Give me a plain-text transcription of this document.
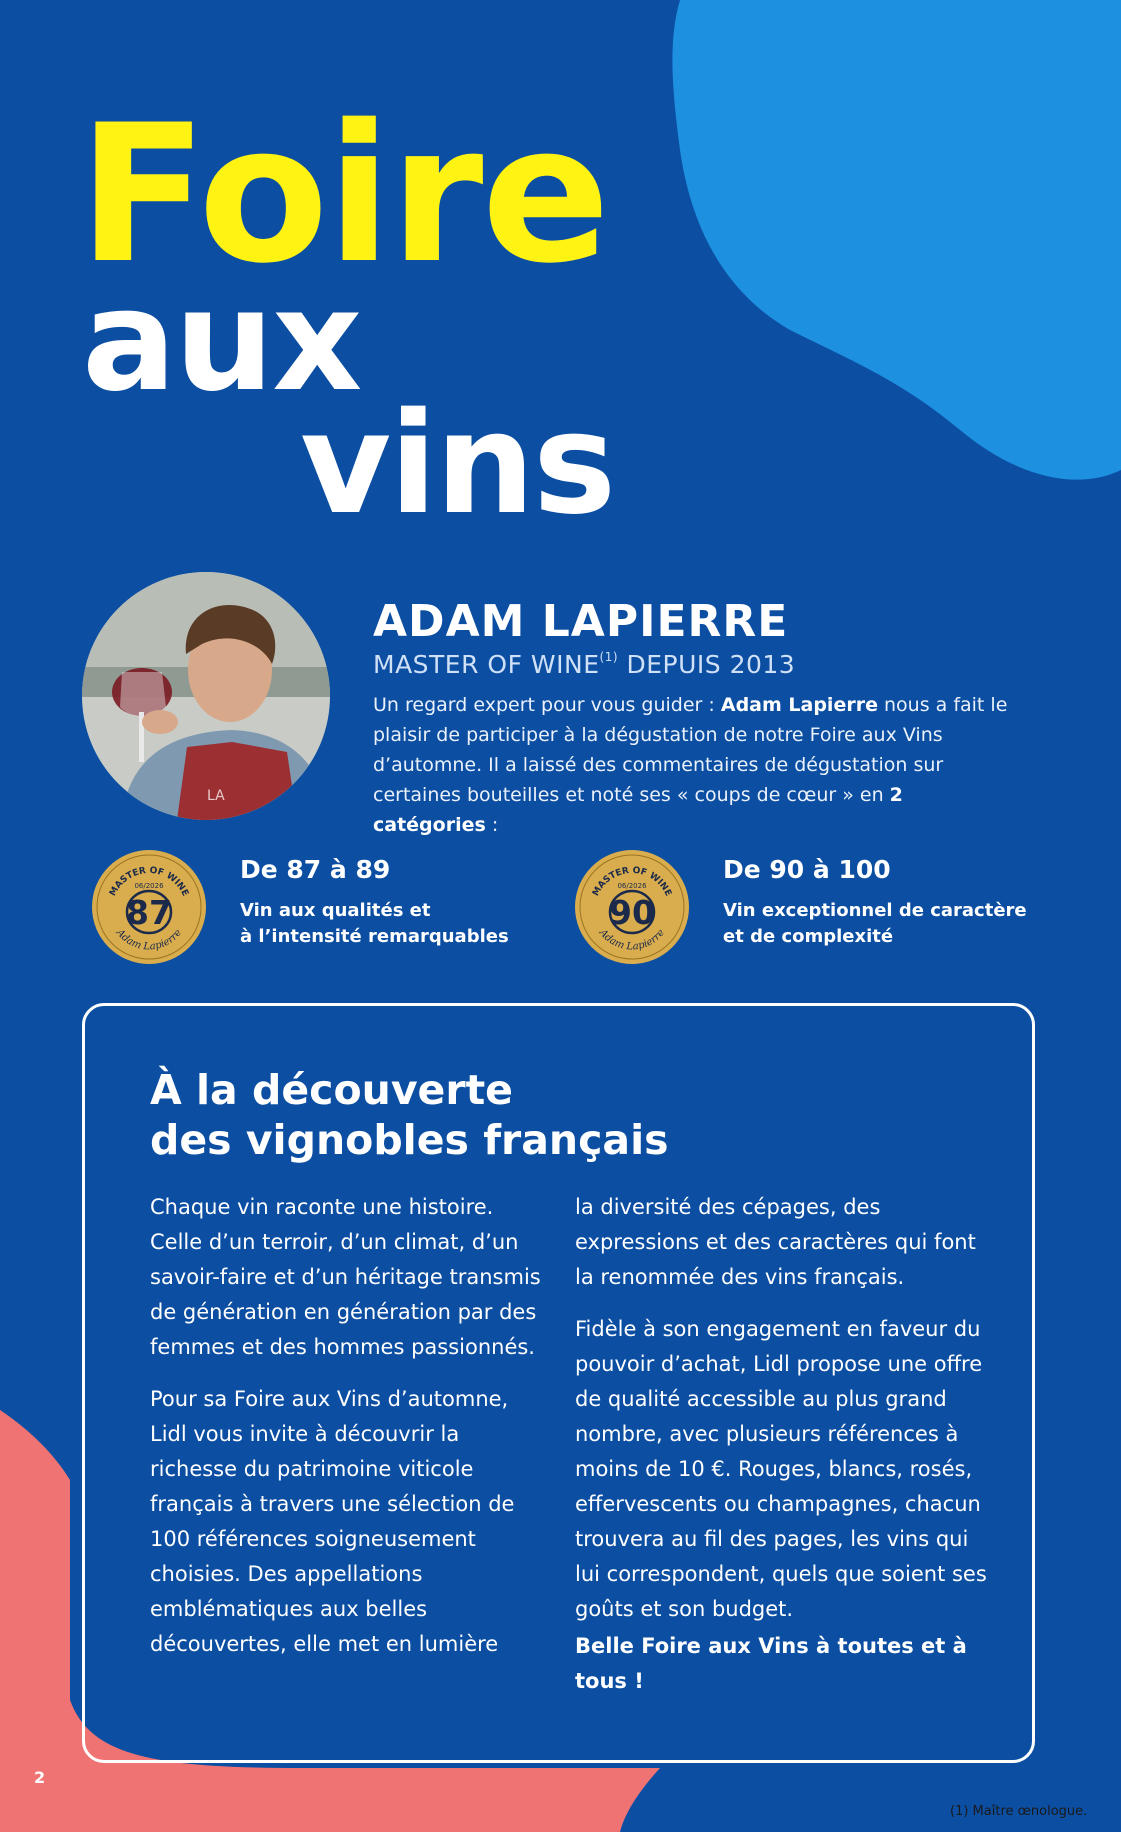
Foire
aux
vins
LA
ADAM LAPIERRE
MASTER OF WINE$^{(1)}$ DEPUIS 2013
Un regard expert pour vous guider : Adam Lapierre nous a fait le plaisir de participer à la dégustation de notre Foire aux Vins d’automne. Il a laissé des commentaires de dégustation sur certaines bouteilles et noté ses « coups de cœur » en 2 catégories :
MASTER OF WINE
06/2026
87
Adam Lapierre
De 87 à 89
Vin aux qualités et
à l’intensité remarquables
MASTER OF WINE
06/2026
90
Adam Lapierre
De 90 à 100
Vin exceptionnel de caractère
et de complexité
À la découverte
des vignobles français

Chaque vin raconte une histoire. Celle d’un terroir, d’un climat, d’un savoir-faire et d’un héritage transmis de génération en génération par des femmes et des hommes passionnés.

Pour sa Foire aux Vins d’automne, Lidl vous invite à découvrir la richesse du patrimoine viticole français à travers une sélection de 100 références soigneusement choisies. Des appellations emblématiques aux belles découvertes, elle met en lumière

la diversité des cépages, des expressions et des caractères qui font la renommée des vins français.

Fidèle à son engagement en faveur du pouvoir d’achat, Lidl propose une offre de qualité accessible au plus grand nombre, avec plusieurs références à moins de 10 €. Rouges, blancs, rosés, effervescents ou champagnes, chacun trouvera au fil des pages, les vins qui lui correspondent, quels que soient ses goûts et son budget.

Belle Foire aux Vins à toutes et à tous !

2
(1) Maître œnologue.
